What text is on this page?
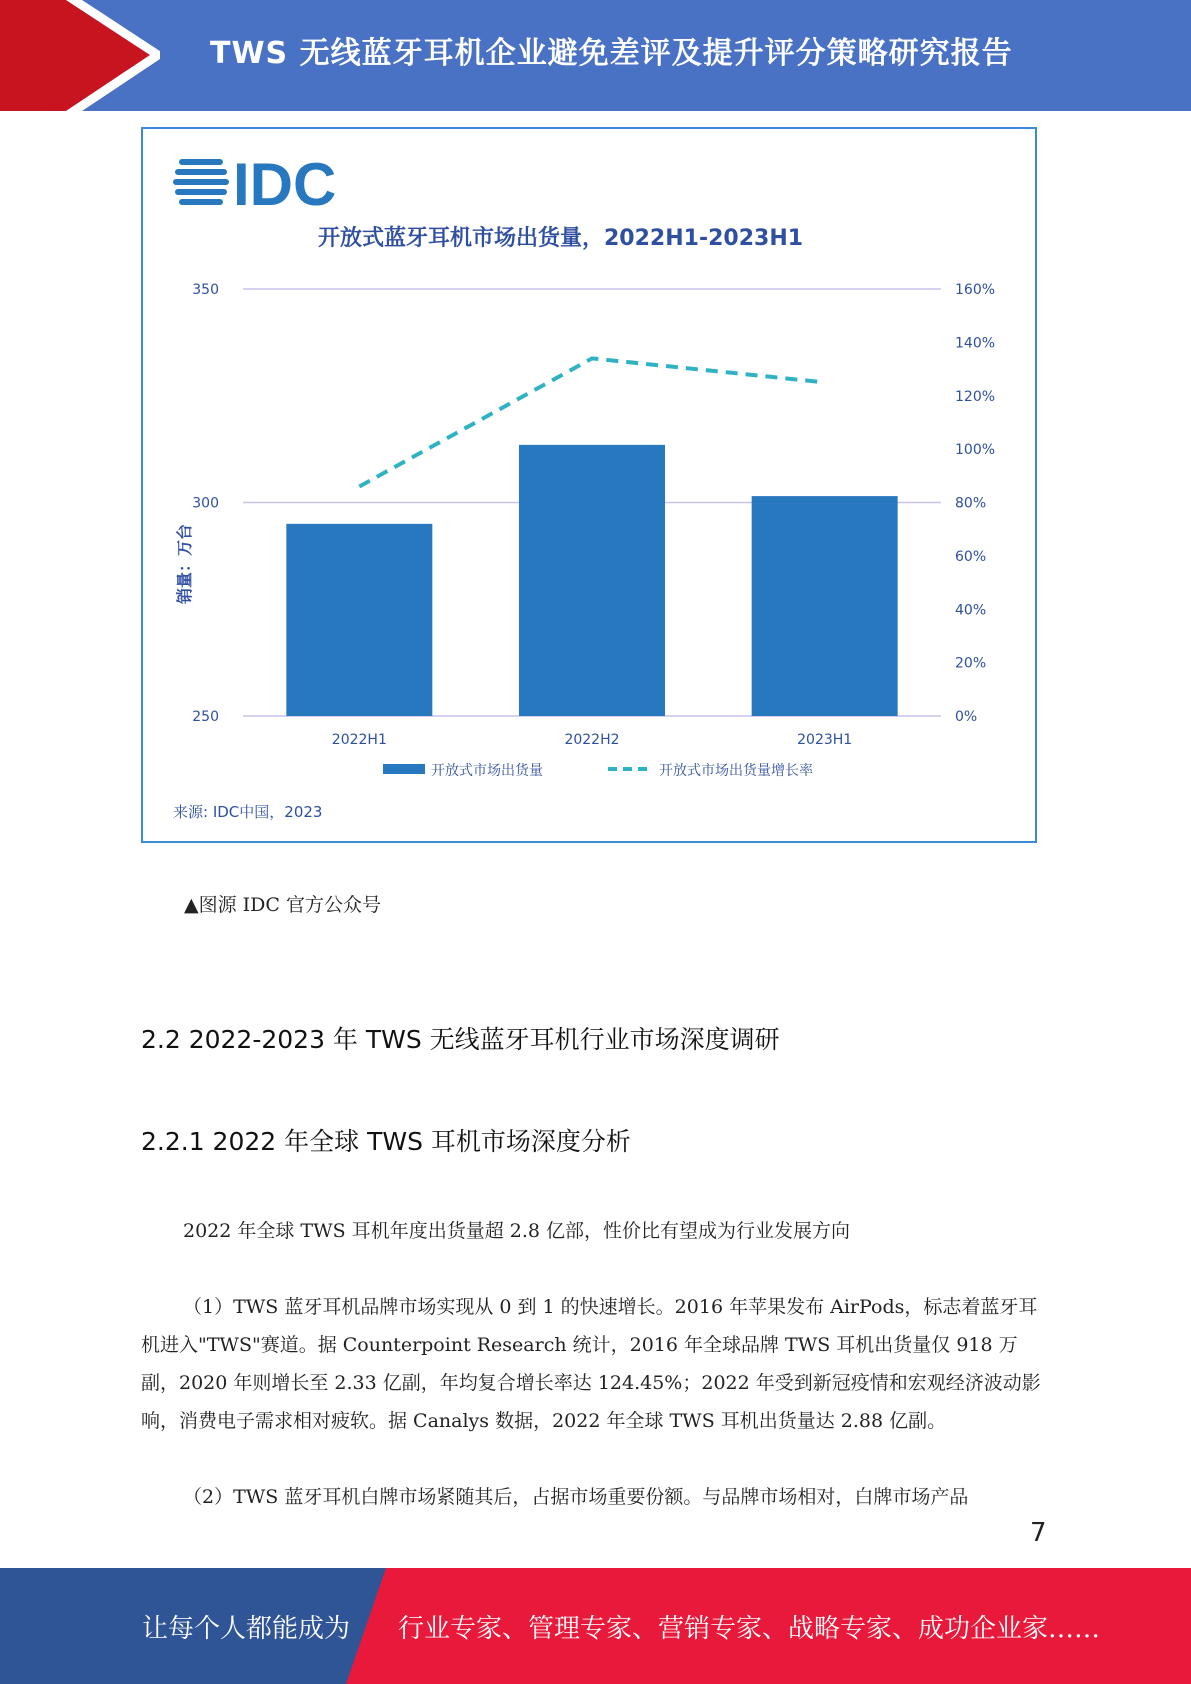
TWS 无线蓝牙耳机企业避免差评及提升评分策略研究报告
IDC
开放式蓝牙耳机市场出货量，2022H1-2023H1
销量：万台
350
300
250
160%
140%
120%
100%
80%
60%
40%
20%
0%
2022H1	2022H2	2023H1
开放式市场出货量	开放式市场出货量增长率
来源: IDC中国，2023
▲图源 IDC 官方公众号
2.2 2022-2023 年 TWS 无线蓝牙耳机行业市场深度调研
2.2.1 2022 年全球 TWS 耳机市场深度分析
2022 年全球 TWS 耳机年度出货量超 2.8 亿部，性价比有望成为行业发展方向
（1）TWS 蓝牙耳机品牌市场实现从 0 到 1 的快速增长。2016 年苹果发布 AirPods，标志着蓝牙耳机进入"TWS"赛道。据 Counterpoint Research 统计，2016 年全球品牌 TWS 耳机出货量仅 918 万副，2020 年则增长至 2.33 亿副，年均复合增长率达 124.45%；2022 年受到新冠疫情和宏观经济波动影响，消费电子需求相对疲软。据 Canalys 数据，2022 年全球 TWS 耳机出货量达 2.88 亿副。
（2）TWS 蓝牙耳机白牌市场紧随其后，占据市场重要份额。与品牌市场相对，白牌市场产品
7
让每个人都能成为 行业专家、管理专家、营销专家、战略专家、成功企业家……
